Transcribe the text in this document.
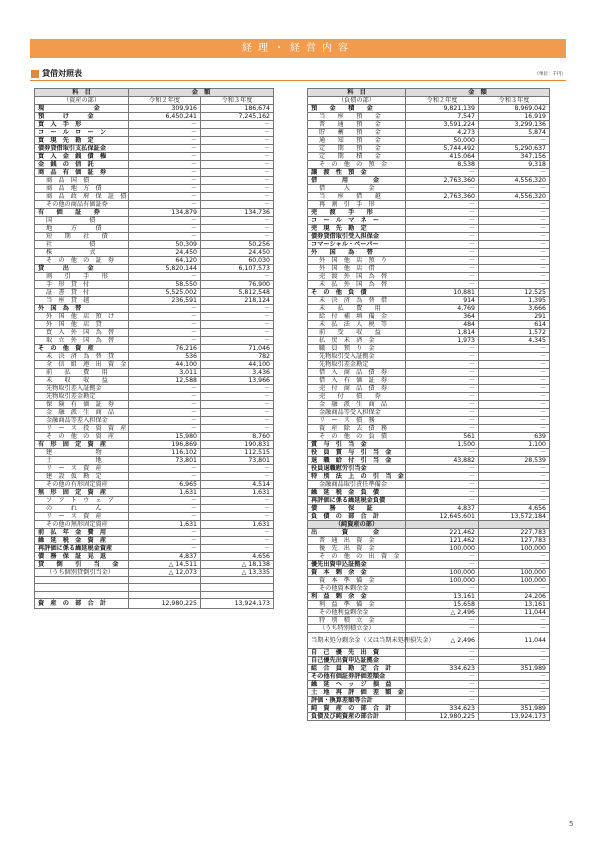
経理・経営内容
貸借対照表	（単位：千円）
科　目	金　額	
（資産の部）	令和２年度	令和３年度
現　　　　　　　　金	309,916	186,674
預　　　け　　　金	6,450,241	7,245,162
買　入　手　形	－	－
コ　ー　ル　ロ　ー　ン	－	－
買　現　先　勘　定	－	－
債券貸借取引支払保証金	－	－
買　入　金　銭　債　権	－	－
金　銭　の　信　託	－	－
商　品　有　価　証　券	－	－
商　品　国　債	－	－
商　品　地　方　債	－	－
商　品　政　府　保　証　債	－	－
その他の商品有価証券	－	－
有　　価　　証　　券	134,879	134,736
国　　　　　　債	－	－
地　　　方　　　債	－	－
短　　期　　社　　債	－	－
社　　　　　　債	50,309	50,256
株　　　　　　式	24,450	24,450
そ　の　他　の　証　券	64,120	60,030
貸　　　出　　　金	5,820,144	6,107,573
割　　引　　手　　形	－	－
手　形　貸　付	58,550	76,900
証　書　貸　付	5,525,002	5,812,548
当　座　貸　越	236,591	218,124
外　国　為　替	－	－
外　国　他　店　預　け	－	－
外　国　他　店　貸	－	－
買　入　外　国　為　替	－	－
取　立　外　国　為　替	－	－
そ　の　他　資　産	76,216	71,046
未　決　済　為　替　貸	536	782
全　信　組　連　出　資　金	44,100	44,100
前　　払　　費　　用	3,011	3,436
未　　収　　収　　益	12,588	13,966
先物取引差入証拠金	－	－
先物取引差金勘定	－	－
保　険　有　価　証　券	－	－
金　融　派　生　商　品	－	－
金融商品等差入担保金	－	－
リ　ー　ス　投　資　資　産	－	－
そ　の　他　の　資　産	15,980	8,760
有　形　固　定　資　産	196,869	190,831
建　　　　　　　物	116,102	112,515
土　　　　　　　地	73,801	73,801
リ　ー　ス　資　産	－	－
建　設　仮　勘　定	－	－
その他の有形固定資産	6,965	4,514
無　形　固　定　資　産	1,631	1,631
ソ　フ　ト　ウ　ェ　ア	－	－
の　　　れ　　　ん	－	－
リ　ー　ス　資　産	－	－
その他の無形固定資産	1,631	1,631
前　払　年　金　費　用	－	－
繰　延　税　金　資　産	－	－
再評価に係る繰延税金資産	－	－
債　務　保　証　見　返	4,837	4,656
貸　　倒　　引　　当　　金	△ 14,511	△ 18,138
（うち個別貸倒引当金）	△ 12,073	△ 13,335

資　産　の　部　合　計	12,980,225	13,924,173
科　目	金　額	
（負債の部）	令和２年度	令和３年度
預　　金　　積　　金	9,821,139	8,969,042
当　　座　　預　　金	7,547	16,919
普　　通　　預　　金	3,591,224	3,299,136
貯　　蓄　　預　　金	4,273	5,874
通　　知　　預　　金	50,000	－
定　　期　　預　　金	5,744,492	5,290,637
定　　期　　積　　金	415,064	347,156
そ　の　他　の　預　金	8,538	9,318
譲　渡　性　預　金	－	－
借　　　　用　　　　金	2,763,360	4,556,320
借　　　入　　　金	－	－
当　　座　　借　　越	2,763,360	4,556,320
再　割　引　手　形	－	－
売　　渡　　手　　形	－	－
コ　ー　ル　マ　ネ　ー	－	－
売　現　先　勘　定	－	－
債券貸借取引受入担保金	－	－
コマーシャル・ペーパー	－	－
外　　国　　為　　替	－	－
外　国　他　店　預　り	－	－
外　国　他　店　借	－	－
売　渡　外　国　為　替	－	－
未　払　外　国　為　替	－	－
そ　の　他　負　債	10,881	12,525
未　決　済　為　替　借	914	1,395
未　　払　　費　　用	4,769	3,666
給　付　補　填　備　金	364	291
未　払　法　人　税　等	484	614
前　　受　　収　　益	1,814	1,572
払　戻　未　済　金	1,973	4,345
職　員　預　り　金	－	－
先物取引受入証拠金	－	－
先物取引差金勘定	－	－
借　入　商　品　債　券	－	－
借　入　有　価　証　券	－	－
売　付　商　品　債　券	－	－
売　　付　　債　　券	－	－
金　融　派　生　商　品	－	－
金融商品等受入担保金	－	－
リ　ー　ス　債　務	－	－
資　産　除　去　債　務	－	－
そ　の　他　の　負　債	561	639
賞　与　引　当　金	1,500	1,100
役　員　賞　与　引　当　金	－	－
退　職　給　付　引　当　金	43,882	28,539
役員退職慰労引当金	－	－
特　別　法　上　の　引　当　金	－	－
金融商品取引責任準備金	－	－
繰　延　税　金　負　債	－	－
再評価に係る繰延税金負債	－	－
債　　務　　保　　証	4,837	4,656
負　債　の　部　合　計	12,645,601	13,572,184
（純資産の部）		
出　　　　資　　　　金	221,462	227,783
普　通　出　資　金	121,462	127,783
優　先　出　資　金	100,000	100,000
そ　の　他　の　出　資　金	－	－
優先出資申込証拠金	－	－
資　本　剰　余　金	100,000	100,000
資　本　準　備　金	100,000	100,000
その他資本剰余金	－	－
利　益　剰　余　金	13,161	24,206
利　益　準　備　金	15,658	13,161
その他利益剰余金	△ 2,496	11,044
特　別　積　立　金	－	－
（うち特別積立金）	－	－
当期未処分剰余金（又は当期未処理損失金）	△ 2,496	11,044
自　己　優　先　出　資	－	－
自己優先出資申込証拠金	－	－
組　合　員　勘　定　合　計	334,623	351,989
その他有価証券評価差額金	－	－
繰　延　ヘ　ッ　ジ　損　益	－	－
土　地　再　評　価　差　額　金	－	－
評価・換算差額等合計	－	－
純　資　産　の　部　合　計	334,623	351,989
負債及び純資産の部合計	12,980,225	13,924,173
5
